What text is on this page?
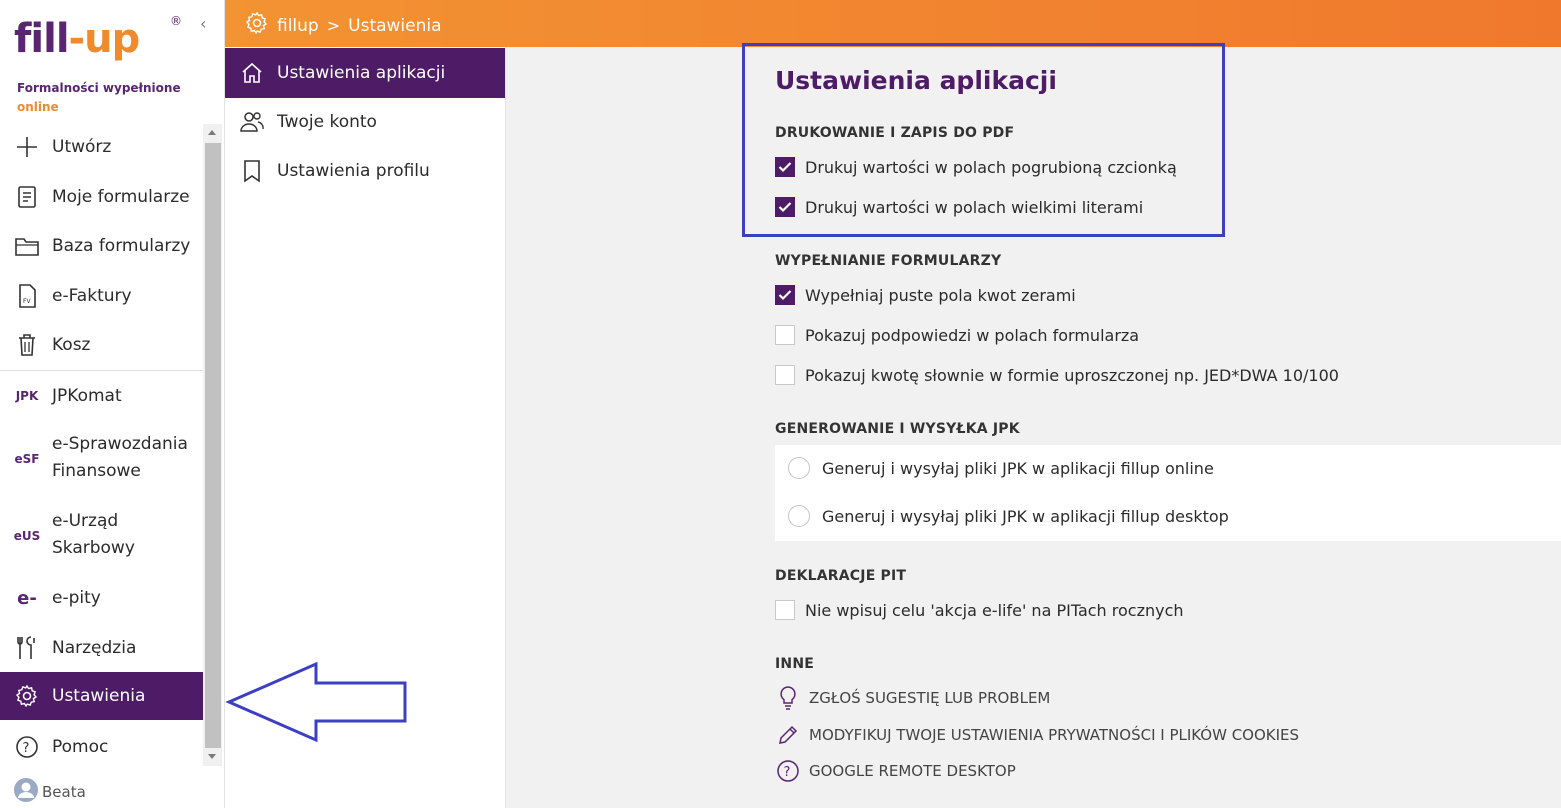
fill-up	®
Formalności wypełnione
online
‹
Utwórz
Moje formularze
Baza formularzy
FV e-Faktury
Kosz
JPK JPKomat
eSF
e-Sprawozdania
Finansowe
eUS
e-Urząd
Skarbowy
e- e-pity
Narzędzia
Ustawienia
? Pomoc
Beata
fillup > Ustawienia
Ustawienia aplikacji
Twoje konto
Ustawienia profilu
Ustawienia aplikacji
DRUKOWANIE I ZAPIS DO PDF
Drukuj wartości w polach pogrubioną czcionką
Drukuj wartości w polach wielkimi literami
WYPEŁNIANIE FORMULARZY
Wypełniaj puste pola kwot zerami
Pokazuj podpowiedzi w polach formularza
Pokazuj kwotę słownie w formie uproszczonej np. JED*DWA 10/100
GENEROWANIE I WYSYŁKA JPK
Generuj i wysyłaj pliki JPK w aplikacji fillup online
Generuj i wysyłaj pliki JPK w aplikacji fillup desktop
DEKLARACJE PIT
Nie wpisuj celu 'akcja e-life' na PITach rocznych
INNE
ZGŁOŚ SUGESTIĘ LUB PROBLEM
MODYFIKUJ TWOJE USTAWIENIA PRYWATNOŚCI I PLIKÓW COOKIES
? GOOGLE REMOTE DESKTOP
